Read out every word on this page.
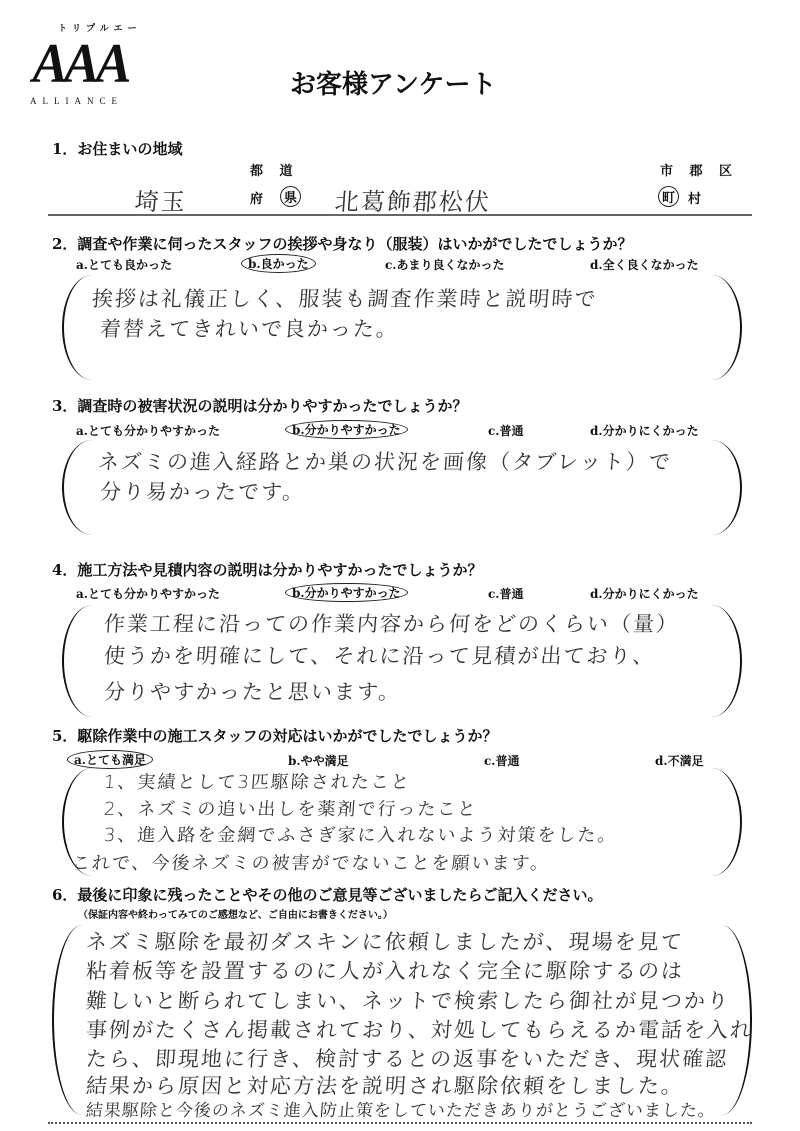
トリプルエー
AAA
ALLIANCE
お客様アンケート
1．お住まいの地域
都 道
府	県
埼玉	北葛飾郡松伏
市 郡 区
町 村
2．調査や作業に伺ったスタッフの挨拶や身なり（服装）はいかがでしたでしょうか？
a.とても良かった	b.良かった	c.あまり良くなかった	d.全く良くなかった
挨拶は礼儀正しく、服装も調査作業時と説明時で
着替えてきれいで良かった。
3．調査時の被害状況の説明は分かりやすかったでしょうか？
a.とても分かりやすかった	b.分かりやすかった	c.普通	d.分かりにくかった
ネズミの進入経路とか巣の状況を画像（タブレット）で
分り易かったです。
4．施工方法や見積内容の説明は分かりやすかったでしょうか？
a.とても分かりやすかった	b.分かりやすかった	c.普通	d.分かりにくかった
作業工程に沿っての作業内容から何をどのくらい（量）
使うかを明確にして、それに沿って見積が出ており、
分りやすかったと思います。
5．駆除作業中の施工スタッフの対応はいかがでしたでしょうか？
a.とても満足	b.やや満足	c.普通	d.不満足
1、実績として3匹駆除されたこと
2、ネズミの追い出しを薬剤で行ったこと
3、進入路を金網でふさぎ家に入れないよう対策をした。
これで、今後ネズミの被害がでないことを願います。
6．最後に印象に残ったことやその他のご意見等ございましたらご記入ください。
（保証内容や終わってみてのご感想など、ご自由にお書きください。）
ネズミ駆除を最初ダスキンに依頼しましたが、現場を見て
粘着板等を設置するのに人が入れなく完全に駆除するのは
難しいと断られてしまい、ネットで検索したら御社が見つかり
事例がたくさん掲載されており、対処してもらえるか電話を入れ
たら、即現地に行き、検討するとの返事をいただき、現状確認
結果から原因と対応方法を説明され駆除依頼をしました。
結果駆除と今後のネズミ進入防止策をしていただきありがとうございました。
